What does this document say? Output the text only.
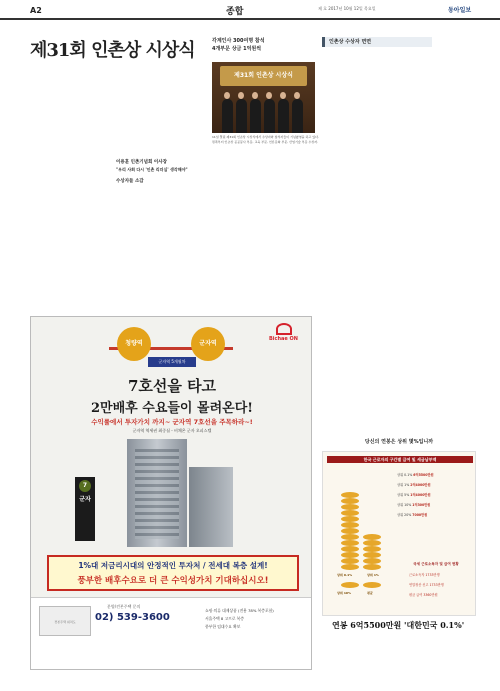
A2	종합	제 호 2017년 10월 12일 목요일	동아일보
제31회 인촌상 시상식	각계인사 300여명 참석
4개부문 상금 1억원씩
이용훈 인촌기념회 이사장
"우리 사회 다시 '인촌 리더십' 생각해야"
수상자들 소감
제31회 인촌상 시상식
11일 열린 제31회 인촌상 시상식에서 수상자와 참석자들이 기념촬영을 하고 있다. 왼쪽부터 인촌상 공공봉사 부문, 교육 부문, 언론문화 부문, 산업기술 부문 수상자.
인촌상 수상자 면면
당신의 연봉은 상위 몇%입니까
한국 근로자의 구간별 급여 및 세금납부액
상위 0.1%	상위 1%
상위 10%	평균
상위 0.1% 6억5500만원
상위 1% 2억4000만원
상위 5% 1억4000만원
상위 10% 1억300만원
상위 20% 7000만원
국세 근로소득자 및 급여 현황
근로소득자 1733만명
연말정산 신고 1733만명
평균 급여 3360만원
연봉 6억5500만원 '대한민국 0.1%'
Bichae ON
청량역	군자역
군자역 5개월차
7호선을 타고
2만배후 수요들이 몰려온다!
수익률에서 투자가치 까지~ 군자역 7호선을 주목하라~!
군자역 역세권 최중심 - 비채온 군자 오피스텔
7
군자
1%대 저금리시대의 안정적인 투자처 / 전세대 복층 설계!
풍부한 배후수요로 더 큰 수익성가치 기대하십시오!
견본주택 위치도
분양/견본주택 문의
02) 539-3600
쇼핑·의류 대제상품 (전용 78% 복층포함)
서울주택 8 고프로 복층
풍부한 임대수요 확보
